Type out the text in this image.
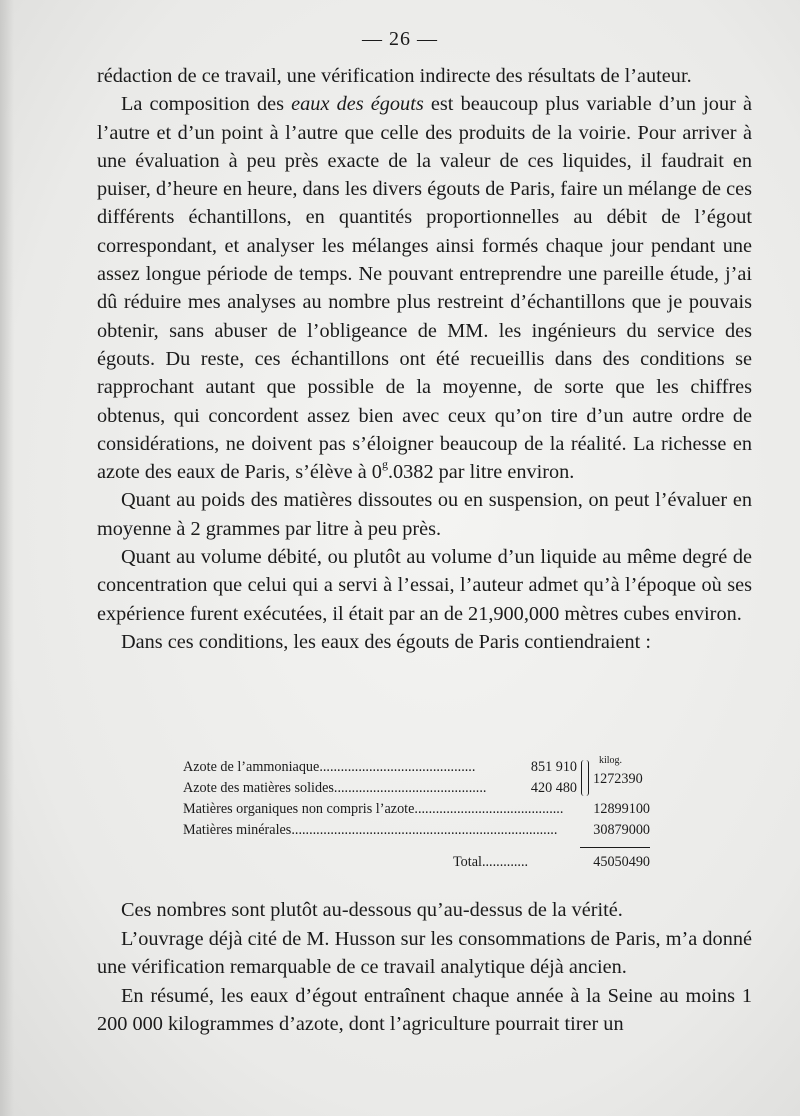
— 26 —

rédaction de ce travail, une vérification indirecte des résultats de l’auteur.

La composition des eaux des égouts est beaucoup plus variable d’un jour à l’autre et d’un point à l’autre que celle des produits de la voirie. Pour arriver à une évaluation à peu près exacte de la valeur de ces liquides, il faudrait en puiser, d’heure en heure, dans les divers égouts de Paris, faire un mélange de ces différents échantillons, en quantités proportionnelles au débit de l’égout correspondant, et analyser les mélanges ainsi formés chaque jour pendant une assez longue période de temps. Ne pouvant entreprendre une pareille étude, j’ai dû réduire mes analyses au nombre plus restreint d’échantillons que je pouvais obtenir, sans abuser de l’obligeance de MM. les ingénieurs du service des égouts. Du reste, ces échantillons ont été recueillis dans des conditions se rapprochant autant que possible de la moyenne, de sorte que les chiffres obtenus, qui concordent assez bien avec ceux qu’on tire d’un autre ordre de considérations, ne doivent pas s’éloigner beaucoup de la réalité. La richesse en azote des eaux de Paris, s’élève à 0$^g$.0382 par litre environ.

Quant au poids des matières dissoutes ou en suspension, on peut l’évaluer en moyenne à 2 grammes par litre à peu près.

Quant au volume débité, ou plutôt au volume d’un liquide au même degré de concentration que celui qui a servi à l’essai, l’auteur admet qu’à l’époque où ses expérience furent exécutées, il était par an de 21,900,000 mètres cubes environ.

Dans ces conditions, les eaux des égouts de Paris contiendraient :

Azote de l’ammoniaque............................................	851 910
Azote des matières solides...........................................	420 480
kilog.
1272390
Matières organiques non compris l’azote..........................................	12899100
Matières minérales...........................................................................	30879000
Total.............	45050490

Ces nombres sont plutôt au-dessous qu’au-dessus de la vérité.

L’ouvrage déjà cité de M. Husson sur les consommations de Paris, m’a donné une vérification remarquable de ce travail analytique déjà ancien.

En résumé, les eaux d’égout entraînent chaque année à la Seine au moins 1 200 000 kilogrammes d’azote, dont l’agriculture pourrait tirer un
